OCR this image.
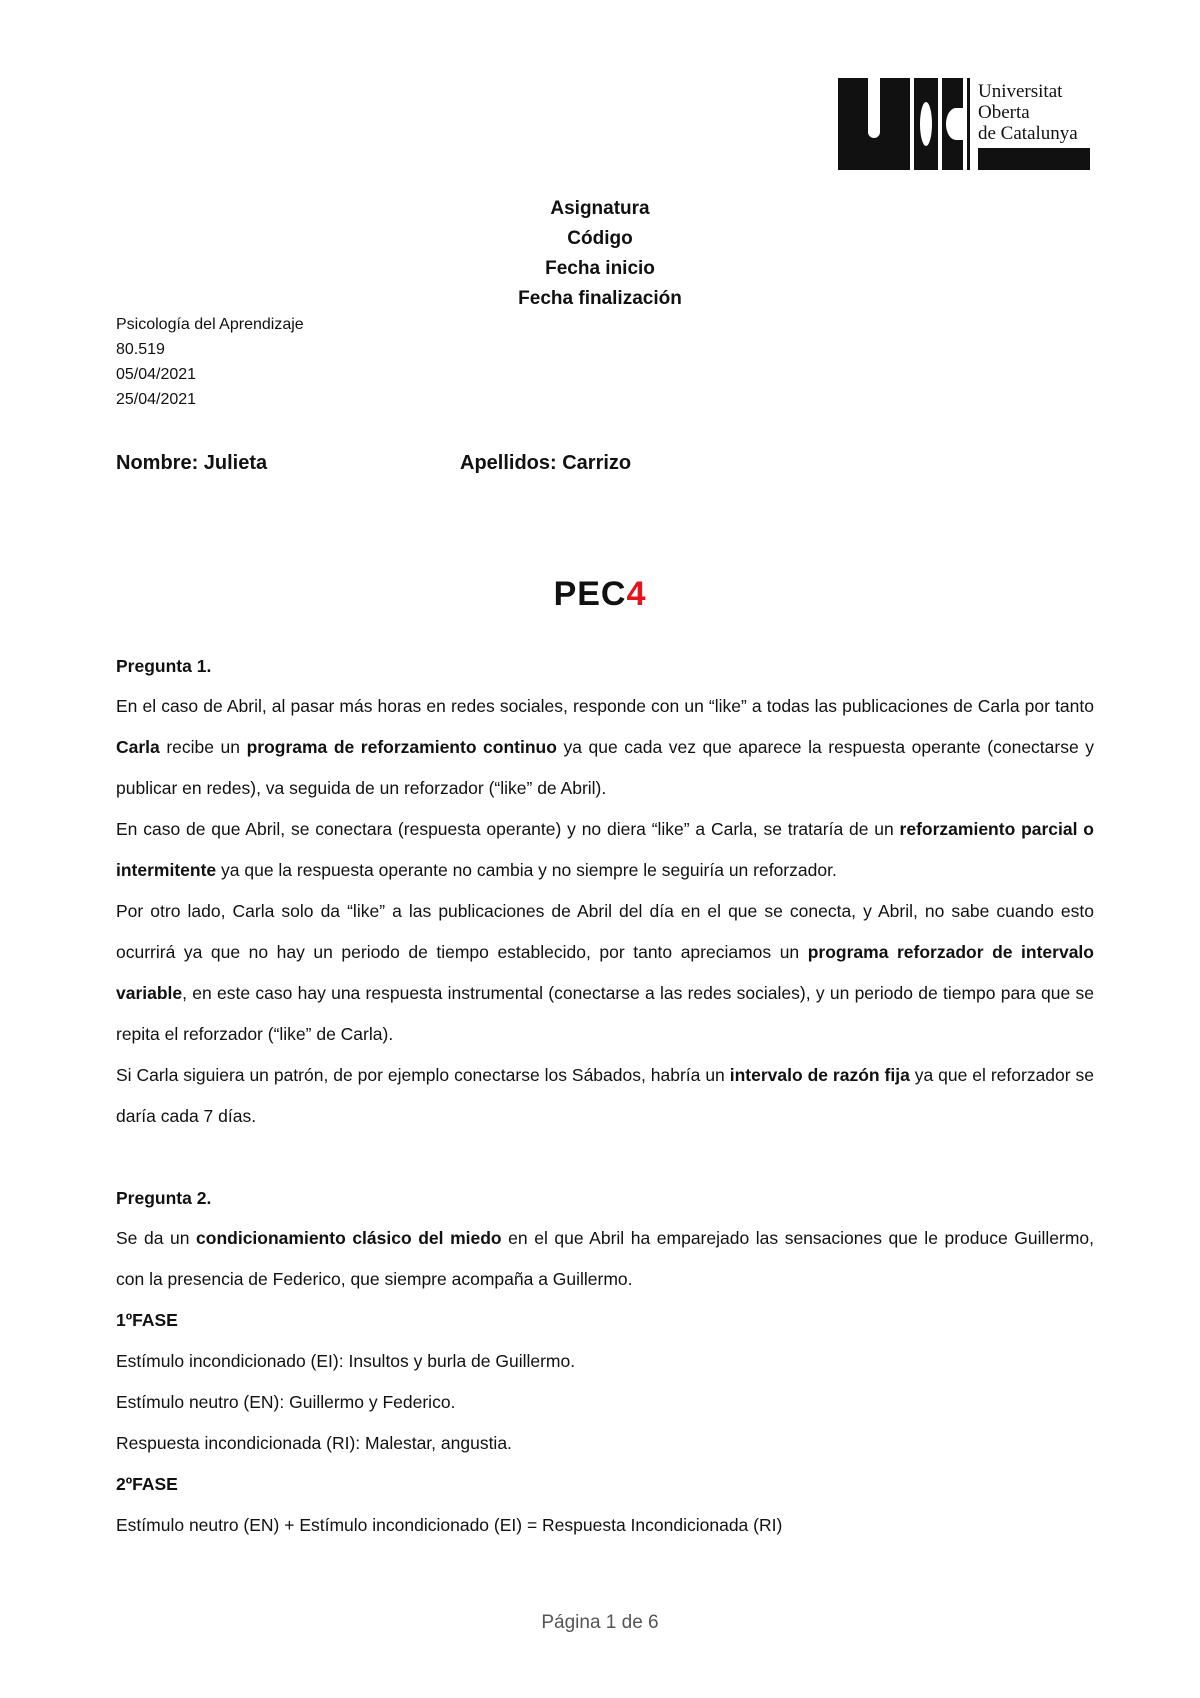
Universitat
Oberta
de Catalunya
Asignatura
Código
Fecha inicio
Fecha finalización
Psicología del Aprendizaje
80.519
05/04/2021
25/04/2021
Nombre: Julieta	Apellidos: Carrizo
PEC4

Pregunta 1.

En el caso de Abril, al pasar más horas en redes sociales, responde con un “like” a todas las publicaciones de Carla por tanto Carla recibe un programa de reforzamiento continuo ya que cada vez que aparece la respuesta operante (conectarse y publicar en redes), va seguida de un reforzador (“like” de Abril).

En caso de que Abril, se conectara (respuesta operante) y no diera “like” a Carla, se trataría de un reforzamiento parcial o intermitente ya que la respuesta operante no cambia y no siempre le seguiría un reforzador.

Por otro lado, Carla solo da “like” a las publicaciones de Abril del día en el que se conecta, y Abril, no sabe cuando esto ocurrirá ya que no hay un periodo de tiempo establecido, por tanto apreciamos un programa reforzador de intervalo variable, en este caso hay una respuesta instrumental (conectarse a las redes sociales), y un periodo de tiempo para que se repita el reforzador (“like” de Carla).

Si Carla siguiera un patrón, de por ejemplo conectarse los Sábados, habría un intervalo de razón fija ya que el reforzador se daría cada 7 días.

Pregunta 2.

Se da un condicionamiento clásico del miedo en el que Abril ha emparejado las sensaciones que le produce Guillermo, con la presencia de Federico, que siempre acompaña a Guillermo.

1ºFASE

Estímulo incondicionado (EI): Insultos y burla de Guillermo.

Estímulo neutro (EN): Guillermo y Federico.

Respuesta incondicionada (RI): Malestar, angustia.

2ºFASE

Estímulo neutro (EN) + Estímulo incondicionado (EI) = Respuesta Incondicionada (RI)

Página 1 de 6
